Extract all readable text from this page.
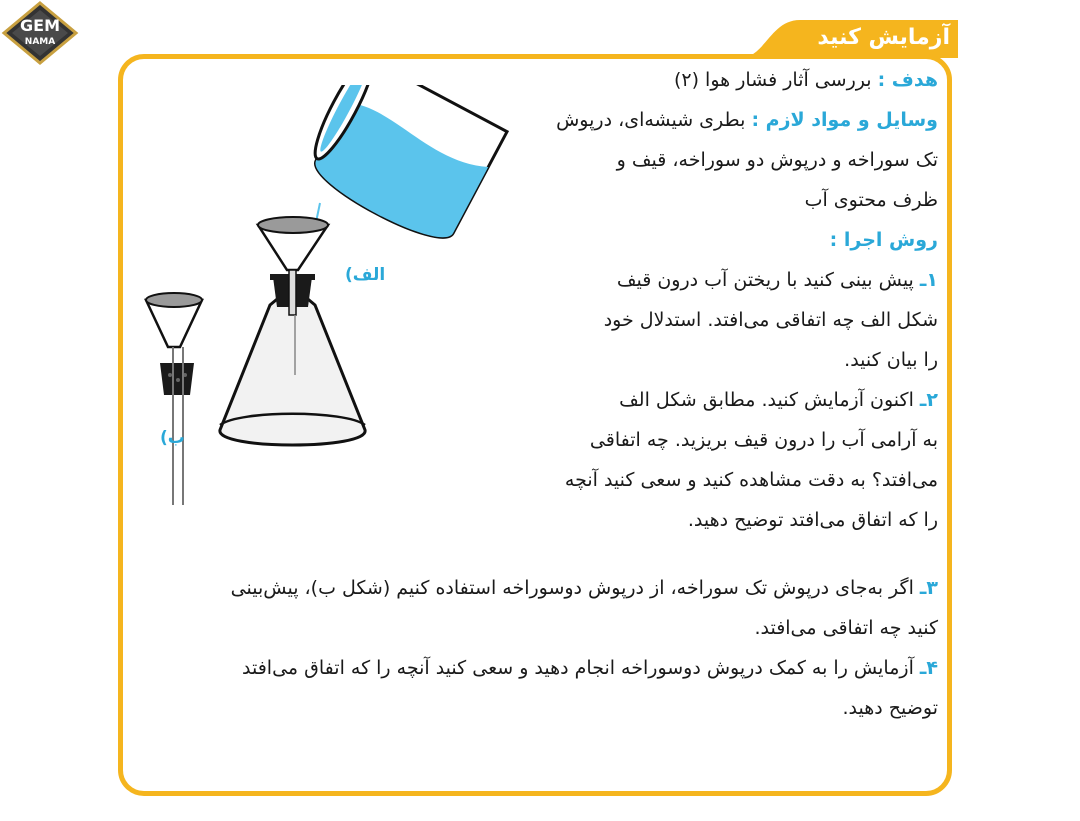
GEM
NAMA	آزمایش کنید
الف)
ب)
هدف : بررسی آثار فشار هوا (۲)
وسایل و مواد لازم : بطری شیشه‌ای، درپوش
تک سوراخه و درپوش دو سوراخه، قیف و
ظرف محتوی آب
روش اجرا :
۱ـ پیش بینی کنید با ریختن آب درون قیف
شکل الف چه اتفاقی می‌افتد. استدلال خود
را بیان کنید.
۲ـ اکنون آزمایش کنید. مطابق شکل الف
به آرامی آب را درون قیف بریزید. چه اتفاقی
می‌افتد؟ به دقت مشاهده کنید و سعی کنید آنچه
را که اتفاق می‌افتد توضیح دهید.
۳ـ اگر به‌جای درپوش تک سوراخه، از درپوش دوسوراخه استفاده کنیم (شکل ب)، پیش‌بینی
کنید چه اتفاقی می‌افتد.
۴ـ آزمایش را به کمک درپوش دوسوراخه انجام دهید و سعی کنید آنچه را که اتفاق می‌افتد
توضیح دهید.
